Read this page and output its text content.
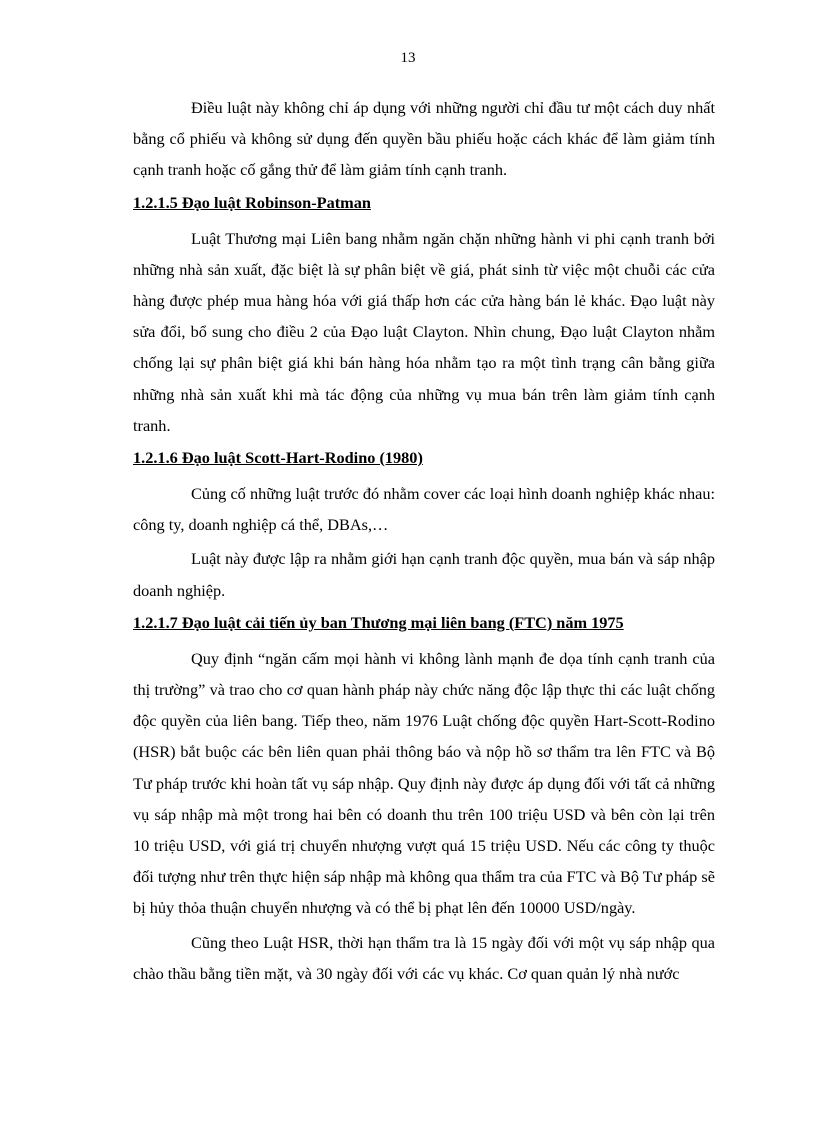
13

Điều luật này không chỉ áp dụng với những người chỉ đầu tư một cách duy nhất bằng cổ phiếu và không sử dụng đến quyền bầu phiếu hoặc cách khác để làm giảm tính cạnh tranh hoặc cố gắng thử để làm giảm tính cạnh tranh.

1.2.1.5 Đạo luật Robinson-Patman

Luật Thương mại Liên bang nhằm ngăn chặn những hành vi phi cạnh tranh bởi những nhà sản xuất, đặc biệt là sự phân biệt về giá, phát sinh từ việc một chuỗi các cửa hàng được phép mua hàng hóa với giá thấp hơn các cửa hàng bán lẻ khác. Đạo luật này sửa đổi, bổ sung cho điều 2 của Đạo luật Clayton. Nhìn chung, Đạo luật Clayton nhằm chống lại sự phân biệt giá khi bán hàng hóa nhằm tạo ra một tình trạng cân bằng giữa những nhà sản xuất khi mà tác động của những vụ mua bán trên làm giảm tính cạnh tranh.

1.2.1.6 Đạo luật Scott-Hart-Rodino (1980)

Củng cố những luật trước đó nhằm cover các loại hình doanh nghiệp khác nhau: công ty, doanh nghiệp cá thể, DBAs,…

Luật này được lập ra nhằm giới hạn cạnh tranh độc quyền, mua bán và sáp nhập doanh nghiệp.

1.2.1.7 Đạo luật cải tiến ủy ban Thương mại liên bang (FTC) năm 1975

Quy định “ngăn cấm mọi hành vi không lành mạnh đe dọa tính cạnh tranh của thị trường” và trao cho cơ quan hành pháp này chức năng độc lập thực thi các luật chống độc quyền của liên bang. Tiếp theo, năm 1976 Luật chống độc quyền Hart-Scott-Rodino (HSR) bắt buộc các bên liên quan phải thông báo và nộp hồ sơ thẩm tra lên FTC và Bộ Tư pháp trước khi hoàn tất vụ sáp nhập. Quy định này được áp dụng đối với tất cả những vụ sáp nhập mà một trong hai bên có doanh thu trên 100 triệu USD và bên còn lại trên 10 triệu USD, với giá trị chuyển nhượng vượt quá 15 triệu USD. Nếu các công ty thuộc đối tượng như trên thực hiện sáp nhập mà không qua thẩm tra của FTC và Bộ Tư pháp sẽ bị hủy thỏa thuận chuyển nhượng và có thể bị phạt lên đến 10000 USD/ngày.

Cũng theo Luật HSR, thời hạn thẩm tra là 15 ngày đối với một vụ sáp nhập qua chào thầu bằng tiền mặt, và 30 ngày đối với các vụ khác. Cơ quan quản lý nhà nước
